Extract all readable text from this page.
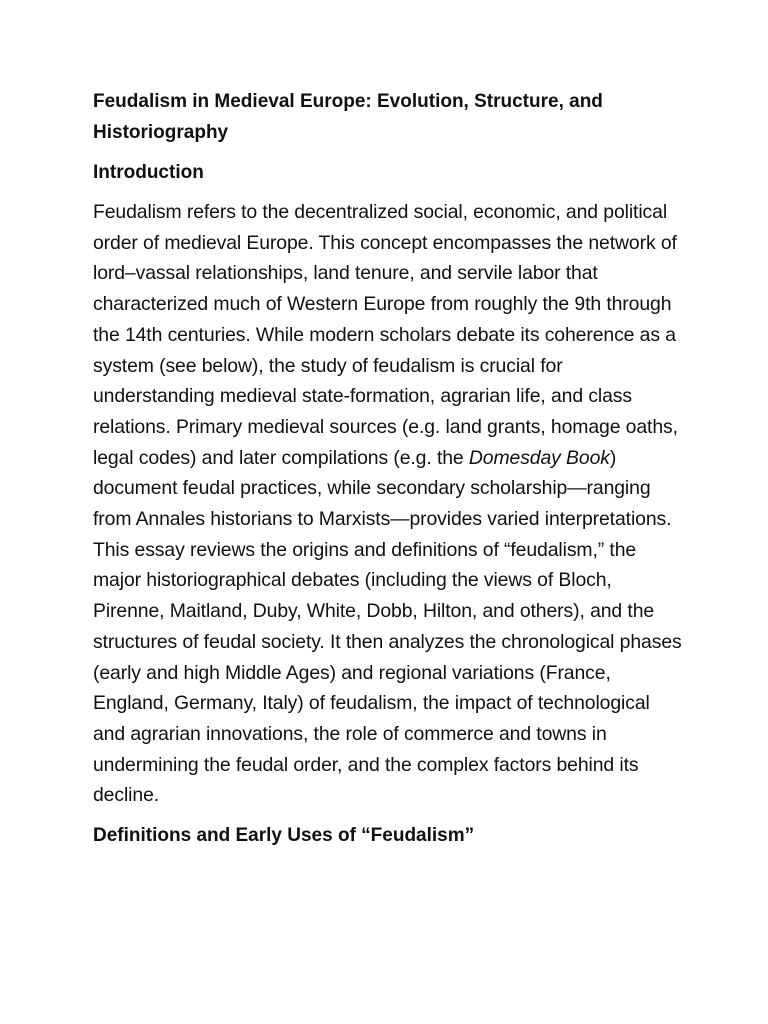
Feudalism in Medieval Europe: Evolution, Structure, and Historiography
Introduction

Feudalism refers to the decentralized social, economic, and political order of medieval Europe. This concept encompasses the network of lord–vassal relationships, land tenure, and servile labor that characterized much of Western Europe from roughly the 9th through the 14th centuries. While modern scholars debate its coherence as a system (see below), the study of feudalism is crucial for understanding medieval state-formation, agrarian life, and class relations. Primary medieval sources (e.g. land grants, homage oaths, legal codes) and later compilations (e.g. the Domesday Book) document feudal practices, while secondary scholarship—ranging from Annales historians to Marxists—provides varied interpretations. This essay reviews the origins and definitions of “feudalism,” the major historiographical debates (including the views of Bloch, Pirenne, Maitland, Duby, White, Dobb, Hilton, and others), and the structures of feudal society. It then analyzes the chronological phases (early and high Middle Ages) and regional variations (France, England, Germany, Italy) of feudalism, the impact of technological and agrarian innovations, the role of commerce and towns in undermining the feudal order, and the complex factors behind its decline.

Definitions and Early Uses of “Feudalism”
